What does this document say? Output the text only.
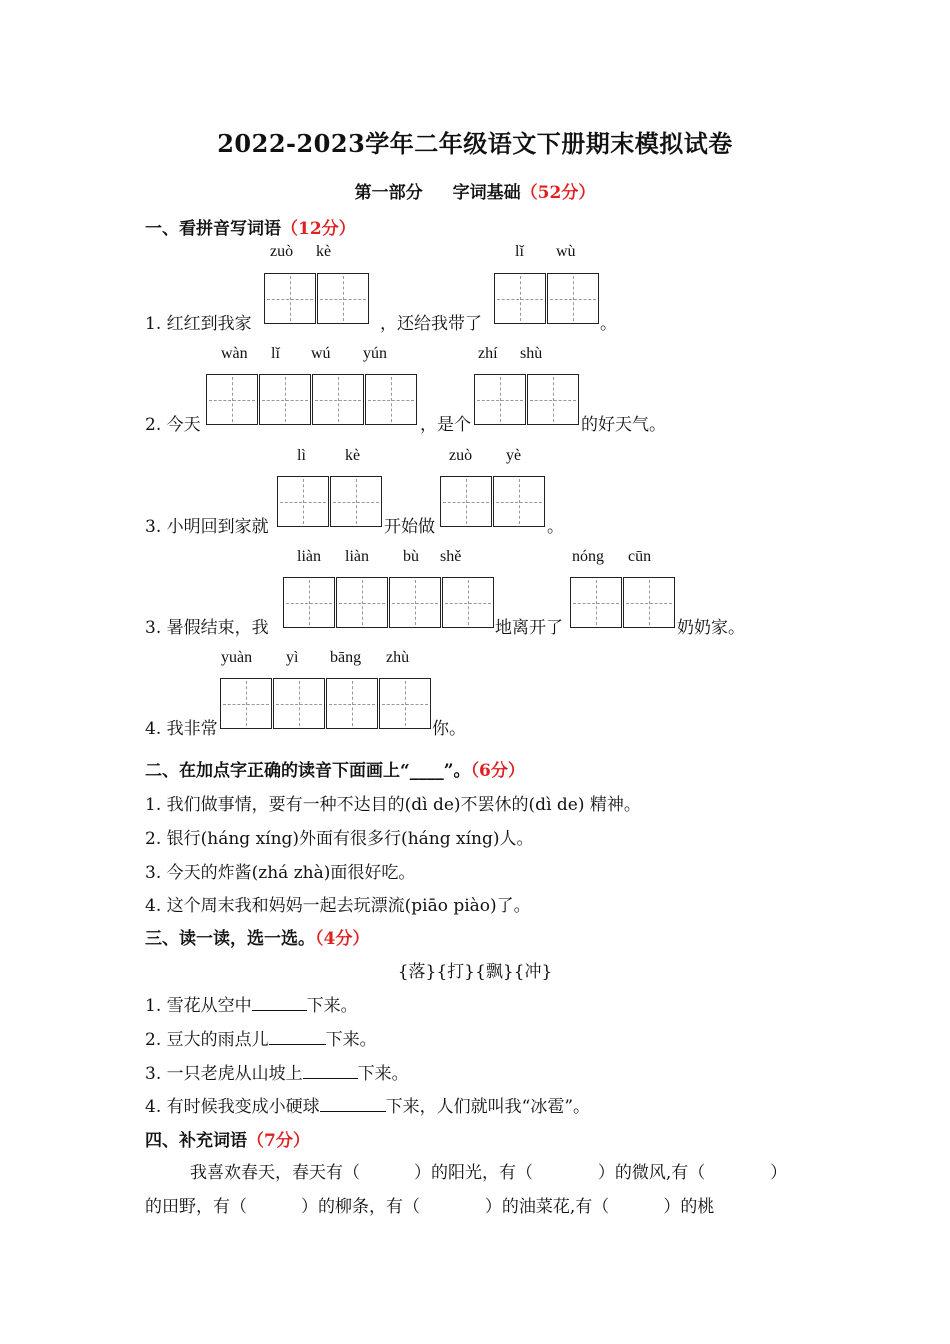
2022-2023学年二年级语文下册期末模拟试卷
第一部分 字词基础（52分）
一、看拼音写词语（12分）
zuò kè	lǐ wù
1. 红红到我家	，还给我带了	。
wàn lǐ wú yún	zhí shù
2. 今天	，是个	的好天气。
lì kè	zuò yè
3. 小明回到家就	开始做	。
liàn liàn bù shě	nóng cūn
3. 暑假结束，我	地离开了	奶奶家。
yuàn yì bāng zhù
4. 我非常	你。
二、在加点字正确的读音下面画上“____”。（6分）
1. 我们做事情，要有一种不达目的(dì de)不罢休的(dì de) 精神。
2. 银行(háng xíng)外面有很多行(háng xíng)人。
3. 今天的炸酱(zhá zhà)面很好吃。
4. 这个周末我和妈妈一起去玩漂流(piāo piào)了。
三、读一读，选一选。（4分）
{落}{打}{飘}{冲}
1. 雪花从空中	下来。
2. 豆大的雨点儿	下来。
3. 一只老虎从山坡上	下来。
4. 有时候我变成小硬球	下来，人们就叫我“冰雹”。
四、补充词语（7分）
我喜欢春天，春天有（          ）的阳光，有（            ）的微风,有（            ）
的田野，有（          ）的柳条，有（            ）的油菜花,有（          ）的桃
